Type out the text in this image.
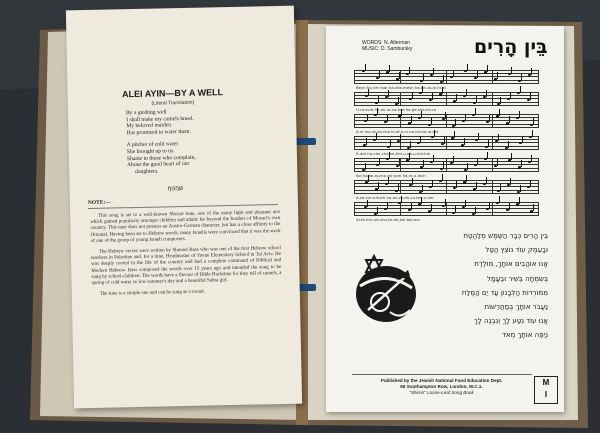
ALEI AYIN—BY A WELL
(Literal Translation)
By a gushing well
I shall make my camels kneel.
My beloved maiden
Has promised to water them.
A pitcher of cold water
She brought up to us.
Shame to those who complain,
About the good heart of our
daughters.
ŊOŊØ
NOTE:—

This song is set to a well-known Mozart tune, one of the many light and pleasant airs which gained popularity amongst children and adults far beyond the borders of Mozart's own country. This tune does not possess an Austro-German character, but has a close affinity to the Oriental. Having been set to Hebrew words, many Israelis were convinced that it was the work of one of the group of young Israeli composers.

The Hebrew verses were written by Shmuel Bass who was one of the first Hebrew school teachers in Palestine and, for a time, Headmaster of Yavne Elementary School in Tel Aviv. He was deeply rooted in the life of the country and had a complete command of Biblical and Modern Hebrew. Bass composed the words over 15 years ago and intended the song to be sung by school-children. The words have a flavour of Bible Hachtime for they tell of camels, a spring of cold water so low summer's day and a beautiful Sabra girl.

The tune is a simple one and can be sung as a round.

WORDS: N. Alterman
MUSIC: D. Sambursky	בֵּין הָרִים
Beyn ha-rim tsar ha-she-mesh ha-ke-va-le-hi-at
U-ra-vvid ha-ah-ro-ve-kvo ha-ge-she-hir-ra
A-ni mo-ot-ke-cha hi-ef-a-ni-no-hi-ma-le-det
It-dot ha-cim-cho-ve-tkir-u-ne-u-hid-hai
Kol ha-ke-ro-mo ad yom ha-re-u-lech
A-ve-zvr-a-kuch ha-ov-ve-ah-vu-tev-u-her
Al-te-lich-ve-cho-te-ah-hal-bel-em
בֵּין הָרִים כְּבָר הַשֶּׁמֶשׁ מְלַהֶטֶת
וּבָעֵמֶק עוֹד נוֹצֵץ הַטַּל
אָנוּ אוֹהֲבִים אוֹתָךְ, מוֹלֶדֶת
בְּשִׂמְחָה בְּשִׁיר וּבֶעָמָל
מִמּוֹרְדוֹת הַלְּבָנוֹן עַד יַם הַמֶּלַח
נַעֲבֹר אוֹתָךְ בְּמַחֲרֵשׁוֹת
אָנוּ עוֹד נִטַּע לָךְ וְנִבְנֶה לָךְ
נְיַפֶּה אוֹתָךְ מְאֹד
Published by the Jewish National Fund Education Dept.
65 Southampton Row, London, W.C.1.
"Shiron" Loose-Leaf Song Book
M
I
